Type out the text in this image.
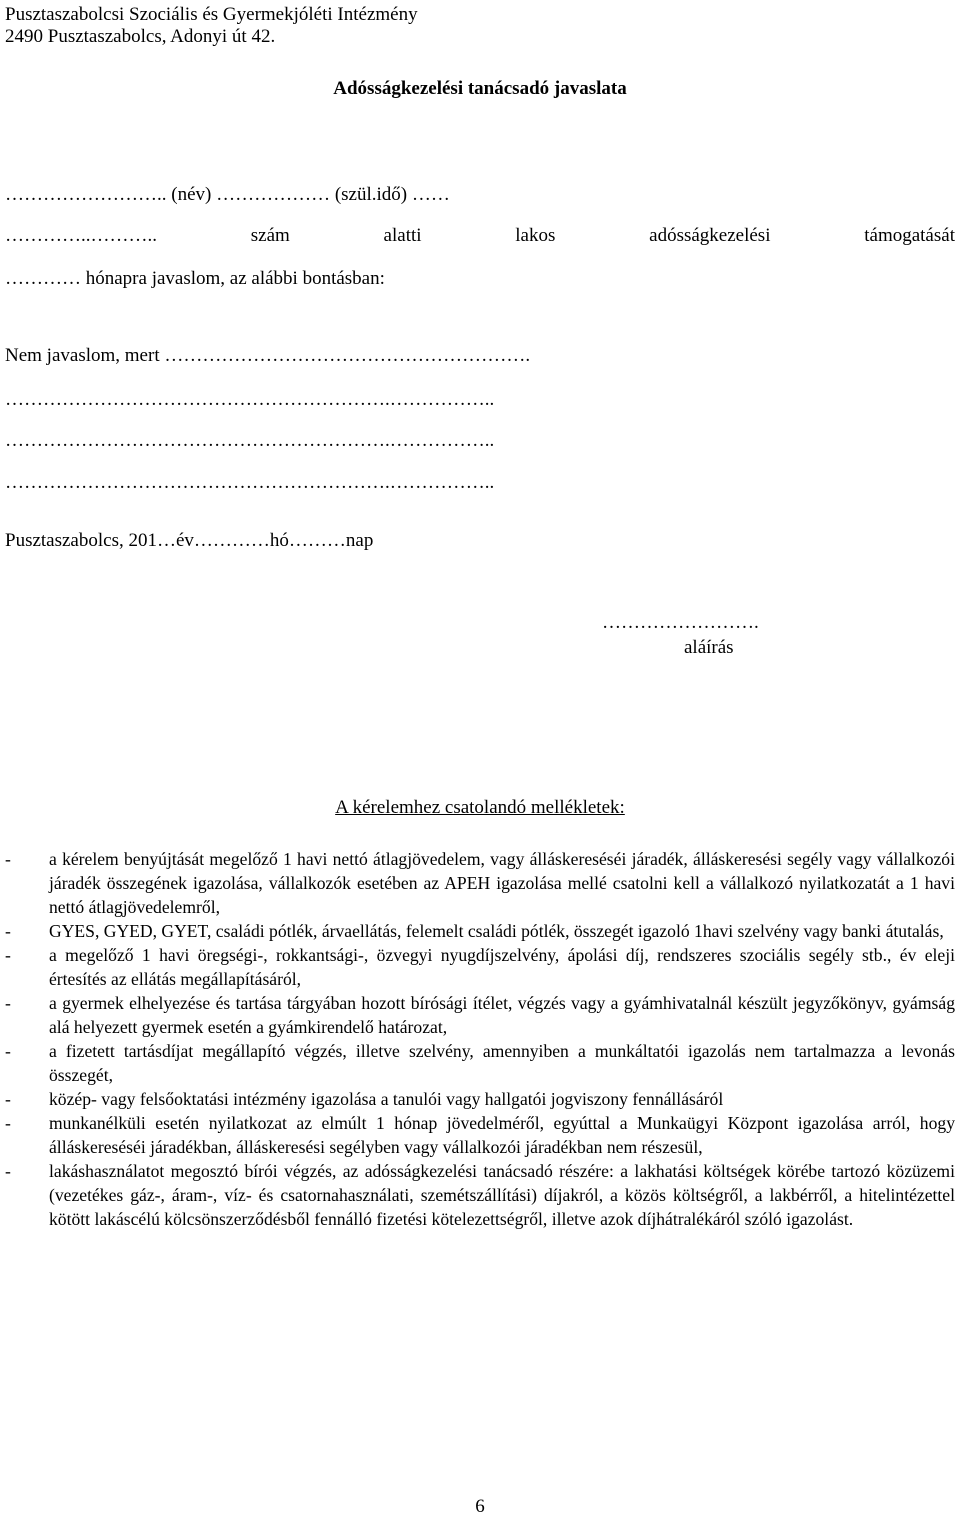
Pusztaszabolcsi Szociális és Gyermekjóléti Intézmény
2490 Pusztaszabolcs, Adonyi út 42.
Adósságkezelési tanácsadó javaslata
…………………….. (név) ……………… (szül.idő) ……
…………..………..	szám	alatti	lakos	adósságkezelési	támogatását
………… hónapra javaslom, az alábbi bontásban:
Nem javaslom, mert ………………………………………………….
…………………………………………………….……………..
…………………………………………………….……………..
…………………………………………………….……………..
Pusztaszabolcs, 201…év…………hó………nap
…………………….
aláírás
A kérelemhez csatolandó mellékletek:
- a kérelem benyújtását megelőző 1 havi nettó átlagjövedelem, vagy álláskereséséi járadék, álláskeresési segély vagy vállalkozói járadék összegének igazolása, vállalkozók esetében az APEH igazolása mellé csatolni kell a vállalkozó nyilatkozatát a 1 havi nettó átlagjövedelemről,
- GYES, GYED, GYET, családi pótlék, árvaellátás, felemelt családi pótlék, összegét igazoló 1havi szelvény vagy banki átutalás,
- a megelőző 1 havi öregségi-, rokkantsági-, özvegyi nyugdíjszelvény, ápolási díj, rendszeres szociális segély stb., év eleji értesítés az ellátás megállapításáról,
- a gyermek elhelyezése és tartása tárgyában hozott bírósági ítélet, végzés vagy a gyámhivatalnál készült jegyzőkönyv, gyámság alá helyezett gyermek esetén a gyámkirendelő határozat,
- a fizetett tartásdíjat megállapító végzés, illetve szelvény, amennyiben a munkáltatói igazolás nem tartalmazza a levonás összegét,
- közép- vagy felsőoktatási intézmény igazolása a tanulói vagy hallgatói jogviszony fennállásáról
- munkanélküli esetén nyilatkozat az elmúlt 1 hónap jövedelméről, egyúttal a Munkaügyi Központ igazolása arról, hogy álláskereséséi járadékban, álláskeresési segélyben vagy vállalkozói járadékban nem részesül,
- lakáshasználatot megosztó bírói végzés, az adósságkezelési tanácsadó részére: a lakhatási költségek körébe tartozó közüzemi (vezetékes gáz-, áram-, víz- és csatornahasználati, szemétszállítási) díjakról, a közös költségről, a lakbérről, a hitelintézettel kötött lakáscélú kölcsönszerződésből fennálló fizetési kötelezettségről, illetve azok díjhátralékáról szóló igazolást.
6
